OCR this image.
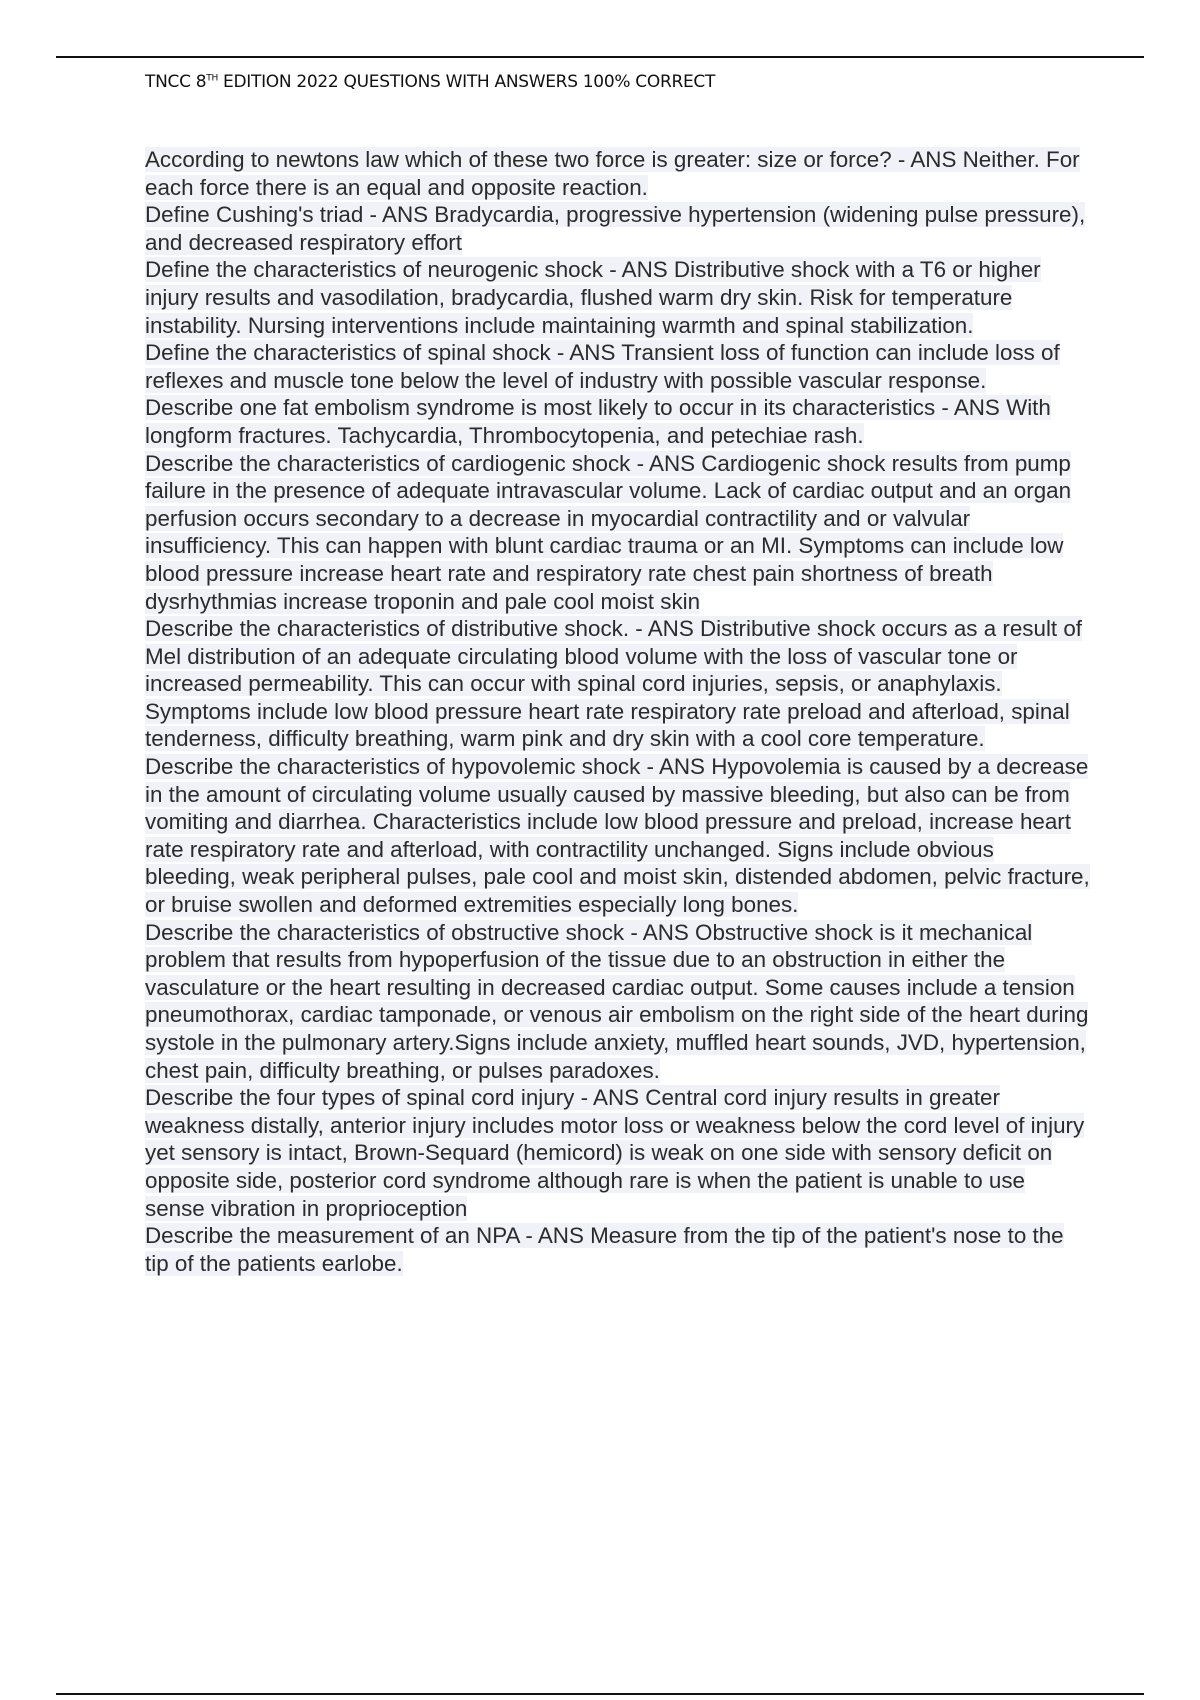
TNCC 8TH EDITION 2022 QUESTIONS WITH ANSWERS 100% CORRECT

According to newtons law which of these two force is greater: size or force? - ANS Neither. For each force there is an equal and opposite reaction.

Define Cushing's triad - ANS Bradycardia, progressive hypertension (widening pulse pressure), and decreased respiratory effort

Define the characteristics of neurogenic shock - ANS Distributive shock with a T6 or higher injury results and vasodilation, bradycardia, flushed warm dry skin. Risk for temperature instability. Nursing interventions include maintaining warmth and spinal stabilization.

Define the characteristics of spinal shock - ANS Transient loss of function can include loss of reflexes and muscle tone below the level of industry with possible vascular response.

Describe one fat embolism syndrome is most likely to occur in its characteristics - ANS With longform fractures. Tachycardia, Thrombocytopenia, and petechiae rash.

Describe the characteristics of cardiogenic shock - ANS Cardiogenic shock results from pump failure in the presence of adequate intravascular volume. Lack of cardiac output and an organ perfusion occurs secondary to a decrease in myocardial contractility and or valvular insufficiency. This can happen with blunt cardiac trauma or an MI. Symptoms can include low blood pressure increase heart rate and respiratory rate chest pain shortness of breath dysrhythmias increase troponin and pale cool moist skin

Describe the characteristics of distributive shock. - ANS Distributive shock occurs as a result of Mel distribution of an adequate circulating blood volume with the loss of vascular tone or increased permeability. This can occur with spinal cord injuries, sepsis, or anaphylaxis. Symptoms include low blood pressure heart rate respiratory rate preload and afterload, spinal tenderness, difficulty breathing, warm pink and dry skin with a cool core temperature.

Describe the characteristics of hypovolemic shock - ANS Hypovolemia is caused by a decrease in the amount of circulating volume usually caused by massive bleeding, but also can be from vomiting and diarrhea. Characteristics include low blood pressure and preload, increase heart rate respiratory rate and afterload, with contractility unchanged. Signs include obvious bleeding, weak peripheral pulses, pale cool and moist skin, distended abdomen, pelvic fracture, or bruise swollen and deformed extremities especially long bones.

Describe the characteristics of obstructive shock - ANS Obstructive shock is it mechanical problem that results from hypoperfusion of the tissue due to an obstruction in either the vasculature or the heart resulting in decreased cardiac output. Some causes include a tension pneumothorax, cardiac tamponade, or venous air embolism on the right side of the heart during systole in the pulmonary artery.Signs include anxiety, muffled heart sounds, JVD, hypertension, chest pain, difficulty breathing, or pulses paradoxes.

Describe the four types of spinal cord injury - ANS Central cord injury results in greater weakness distally, anterior injury includes motor loss or weakness below the cord level of injury yet sensory is intact, Brown-Sequard (hemicord) is weak on one side with sensory deficit on opposite side, posterior cord syndrome although rare is when the patient is unable to use sense vibration in proprioception

Describe the measurement of an NPA - ANS Measure from the tip of the patient's nose to the tip of the patients earlobe.
